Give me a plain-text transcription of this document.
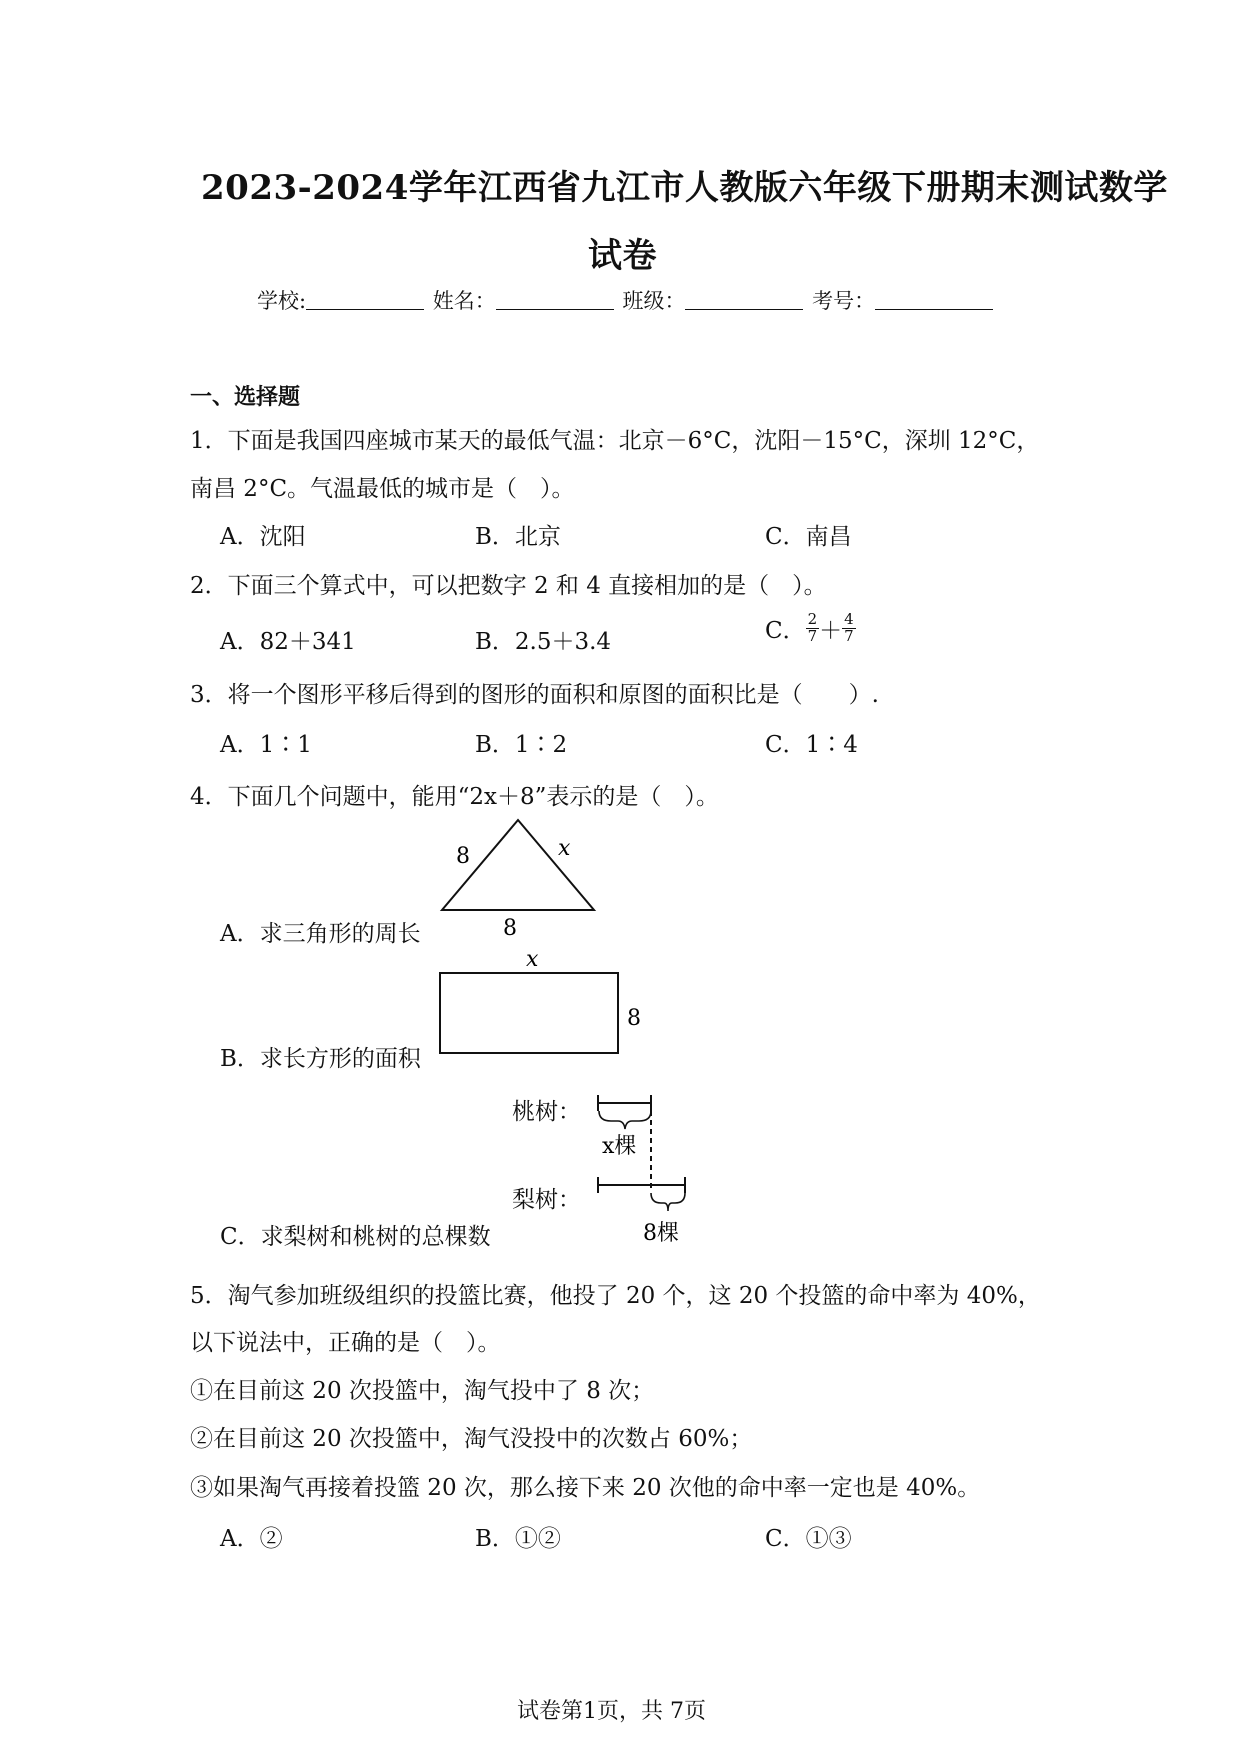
2023-2024学年江西省九江市人教版六年级下册期末测试数学
试卷
学校:	姓名：	班级：	考号：
一、选择题
1．下面是我国四座城市某天的最低气温：北京－6°C，沈阳－15°C，深圳 12°C，
南昌 2°C。气温最低的城市是（　）。
A．沈阳	B．北京	C．南昌
2．下面三个算式中，可以把数字 2 和 4 直接相加的是（　）。
A．82＋341	B．2.5＋3.4	C． $\frac{2}{7} + \frac{4}{7}$
3．将一个图形平移后得到的图形的面积和原图的面积比是（　　）.
A．1∶1	B．1∶2	C．1∶4
4．下面几个问题中，能用“2x＋8”表示的是（　）。
8	x
8
A．求三角形的周长
x
8
B．求长方形的面积
桃树：
梨树：
x棵
8棵
C．求梨树和桃树的总棵数
5．淘气参加班级组织的投篮比赛，他投了 20 个，这 20 个投篮的命中率为 40%，
以下说法中，正确的是（　）。
①在目前这 20 次投篮中，淘气投中了 8 次；
②在目前这 20 次投篮中，淘气没投中的次数占 60%；
③如果淘气再接着投篮 20 次，那么接下来 20 次他的命中率一定也是 40%。
A．②	B．①②	C．①③
试卷第1页，共 7页
